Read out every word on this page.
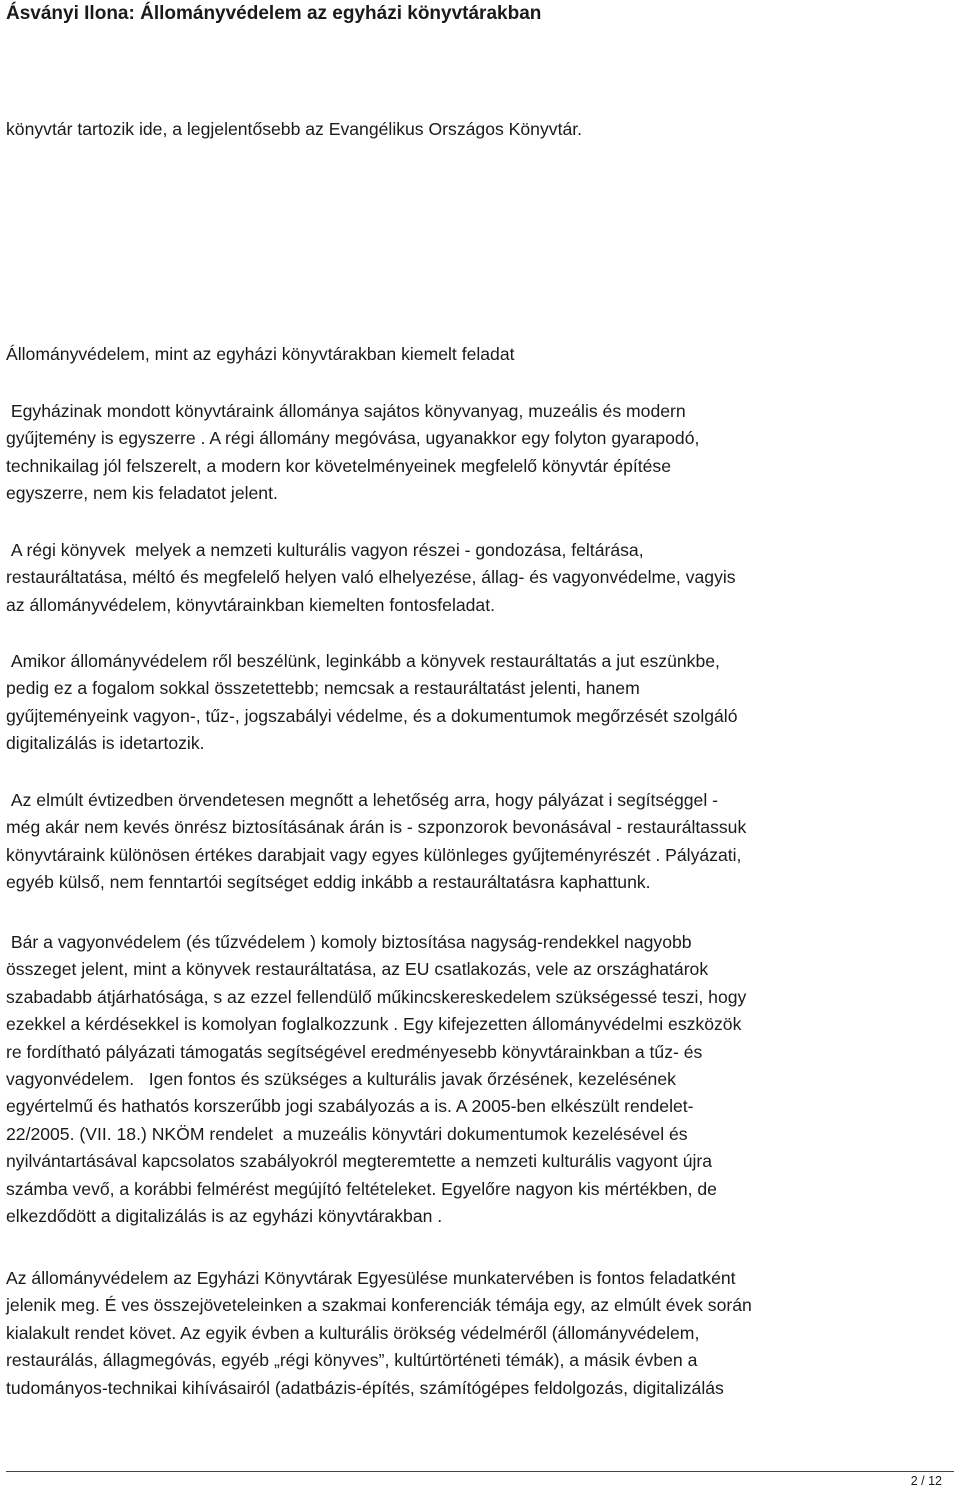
Ásványi Ilona: Állományvédelem az egyházi könyvtárakban
könyvtár tartozik ide, a legjelentősebb az Evangélikus Országos Könyvtár.
Állományvédelem, mint az egyházi könyvtárakban kiemelt feladat
Egyházinak mondott könyvtáraink állománya sajátos könyvanyag, muzeális és modern
gyűjtemény is egyszerre . A régi állomány megóvása, ugyanakkor egy folyton gyarapodó,
technikailag jól felszerelt, a modern kor követelményeinek megfelelő könyvtár építése
egyszerre, nem kis feladatot jelent.
A régi könyvek  melyek a nemzeti kulturális vagyon részei - gondozása, feltárása,
restauráltatása, méltó és megfelelő helyen való elhelyezése, állag- és vagyonvédelme, vagyis
az állományvédelem, könyvtárainkban kiemelten fontosfeladat.
Amikor állományvédelem ről beszélünk, leginkább a könyvek restauráltatás a jut eszünkbe,
pedig ez a fogalom sokkal összetettebb; nemcsak a restauráltatást jelenti, hanem
gyűjteményeink vagyon-, tűz-, jogszabályi védelme, és a dokumentumok megőrzését szolgáló
digitalizálás is idetartozik.
Az elmúlt évtizedben örvendetesen megnőtt a lehetőség arra, hogy pályázat i segítséggel -
még akár nem kevés önrész biztosításának árán is - szponzorok bevonásával - restauráltassuk
könyvtáraink különösen értékes darabjait vagy egyes különleges gyűjteményrészét . Pályázati,
egyéb külső, nem fenntartói segítséget eddig inkább a restauráltatásra kaphattunk.
Bár a vagyonvédelem (és tűzvédelem ) komoly biztosítása nagyság-rendekkel nagyobb
összeget jelent, mint a könyvek restauráltatása, az EU csatlakozás, vele az országhatárok
szabadabb átjárhatósága, s az ezzel fellendülő műkincskereskedelem szükségessé teszi, hogy
ezekkel a kérdésekkel is komolyan foglalkozzunk . Egy kifejezetten állományvédelmi eszközök
re fordítható pályázati támogatás segítségével eredményesebb könyvtárainkban a tűz- és
vagyonvédelem.   Igen fontos és szükséges a kulturális javak őrzésének, kezelésének
egyértelmű és hathatós korszerűbb jogi szabályozás a is. A 2005-ben elkészült rendelet-
22/2005. (VII. 18.) NKÖM rendelet  a muzeális könyvtári dokumentumok kezelésével és
nyilvántartásával kapcsolatos szabályokról megteremtette a nemzeti kulturális vagyont újra
számba vevő, a korábbi felmérést megújító feltételeket. Egyelőre nagyon kis mértékben, de
elkezdődött a digitalizálás is az egyházi könyvtárakban .
Az állományvédelem az Egyházi Könyvtárak Egyesülése munkatervében is fontos feladatként
jelenik meg. É ves összejöveteleinken a szakmai konferenciák témája egy, az elmúlt évek során
kialakult rendet követ. Az egyik évben a kulturális örökség védelméről (állományvédelem,
restaurálás, állagmegóvás, egyéb „régi könyves”, kultúrtörténeti témák), a másik évben a
tudományos-technikai kihívásairól (adatbázis-építés, számítógépes feldolgozás, digitalizálás
2 / 12
